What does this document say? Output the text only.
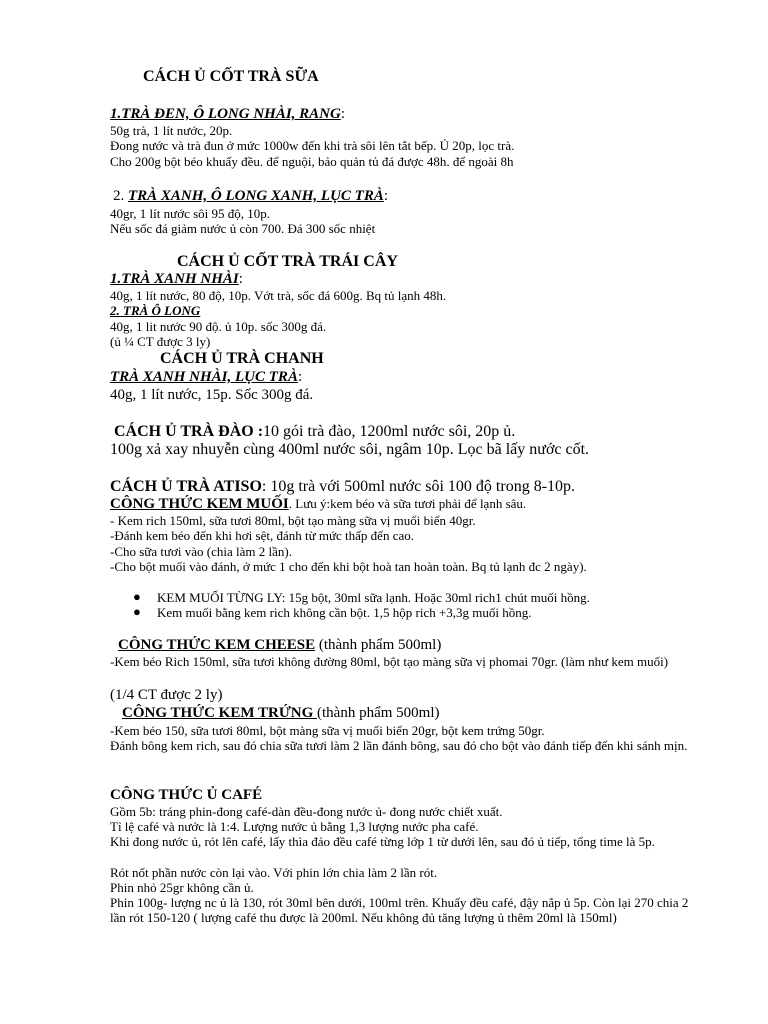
CÁCH Ủ CỐT TRÀ SỮA
1.TRÀ ĐEN, Ô LONG NHÀI, RANG:
50g trà, 1 lít nước, 20p.
Đong nước và trà đun ở mức 1000w đến khi trà sôi lên tắt bếp. Ủ 20p, lọc trà.
Cho 200g bột béo khuấy đều. để nguội, bảo quản tủ đá được 48h. để ngoài 8h
2. TRÀ XANH, Ô LONG XANH, LỤC TRÀ:
40gr, 1 lít nước sôi 95 độ, 10p.
Nếu sốc đá giảm nước ủ còn 700. Đá 300 sốc nhiệt
CÁCH Ủ CỐT TRÀ TRÁI CÂY
1.TRÀ XANH NHÀI:
40g, 1 lít nước, 80 độ, 10p. Vớt trà, sốc đá 600g. Bq tủ lạnh 48h.
2. TRÀ Ô LONG
40g, 1 lit nước 90 độ. ủ 10p. sốc 300g đá.
(ủ ¼ CT được 3 ly)
CÁCH Ủ TRÀ CHANH
TRÀ XANH NHÀI, LỤC TRÀ:
40g, 1 lít nước, 15p. Sốc 300g đá.
CÁCH Ủ TRÀ ĐÀO :10 gói trà đào, 1200ml nước sôi, 20p ủ.
100g xả xay nhuyễn cùng 400ml nước sôi, ngâm 10p. Lọc bã lấy nước cốt.
CÁCH Ủ TRÀ ATISO: 10g trà với 500ml nước sôi 100 độ trong 8-10p.
CÔNG THỨC KEM MUỐI. Lưu ý:kem béo và sữa tươi phải để lạnh sâu.
- Kem rich 150ml, sữa tươi 80ml, bột tạo màng sữa vị muối biển 40gr.
-Đánh kem béo đến khi hơi sệt, đánh từ mức thấp đến cao.
-Cho sữa tươi vào (chia làm 2 lần).
-Cho bột muối vào đánh, ở mức 1 cho đến khi bột hoà tan hoàn toàn. Bq tủ lạnh đc 2 ngày).
● KEM MUỐI TỪNG LY: 15g bột, 30ml sữa lạnh. Hoặc 30ml rich1 chút muối hồng.
● Kem muối bằng kem rich không cần bột. 1,5 hộp rich +3,3g muối hồng.
CÔNG THỨC KEM CHEESE (thành phẩm 500ml)
-Kem béo Rich 150ml, sữa tươi không đường 80ml, bột tạo màng sữa vị phomai 70gr. (làm như kem muối)
(1/4 CT được 2 ly)
CÔNG THỨC KEM TRỨNG (thành phẩm 500ml)
-Kem béo 150, sữa tươi 80ml, bột màng sữa vị muối biển 20gr, bột kem trứng 50gr.
Đánh bông kem rich, sau đó chia sữa tươi làm 2 lần đánh bông, sau đó cho bột vào đánh tiếp đến khi sánh mịn.
CÔNG THỨC Ủ CAFÉ
Gồm 5b: tráng phin-đong café-dàn đều-đong nước ủ- đong nước chiết xuất.
Tỉ lệ café và nước là 1:4. Lượng nước ủ bằng 1,3 lượng nước pha café.
Khi đong nước ủ, rót lên café, lấy thìa đảo đều café từng lớp 1 từ dưới lên, sau đó ủ tiếp, tổng time là 5p.
Rót nốt phần nước còn lại vào. Với phin lớn chia làm 2 lần rót.
Phin nhỏ 25gr không cần ủ.
Phin 100g- lượng nc ủ là 130, rót 30ml bên dưới, 100ml trên. Khuấy đều café, đậy nắp ủ 5p. Còn lại 270 chia 2 lần rót 150-120 ( lượng café thu được là 200ml. Nếu không đủ tăng lượng ủ thêm 20ml là 150ml)
